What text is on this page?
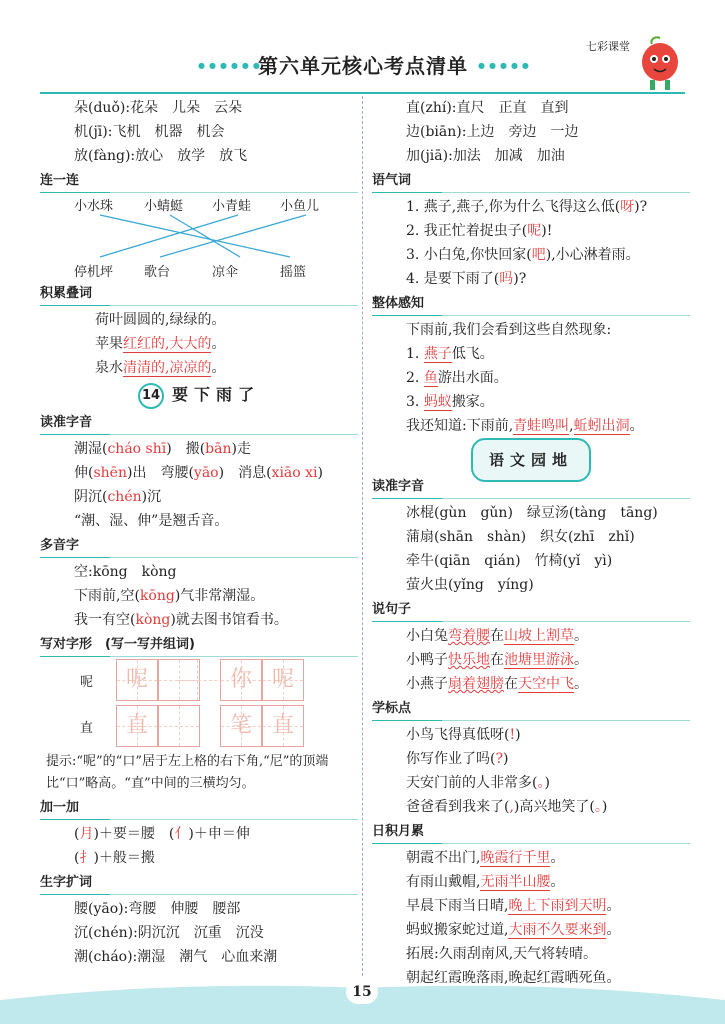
●●●●●●
第六单元核心考点清单 ●●●●●
七彩课堂
朵(duǒ):花朵　儿朵　云朵
机(jī):飞机　机器　机会
放(fàng):放心　放学　放飞
连一连
小水珠 小蜻蜓 小青蛙 小鱼儿
停机坪 歌台	凉伞	摇篮
积累叠词
荷叶圆圆的,绿绿的。
苹果红红的,大大的。
泉水清清的,凉凉的。
14 要下雨了
读准字音
潮湿(cháo shī)　搬(bān)走
伸(shēn)出　弯腰(yāo)　消息(xiāo xi)
阴沉(chén)沉
“潮、湿、伸”是翘舌音。
多音字
空:kōng　kòng
下雨前,空(kōng)气非常潮湿。
我一有空(kòng)就去图书馆看书。
写对字形　 (写一写并组词)
呢	呢	你 呢
直	直	笔 直
提示:“呢”的“口”居于左上格的右下角,“尼”的顶端比“口”略高。“直”中间的三横均匀。
加一加
(月)＋要＝腰　(亻)＋申＝伸
(扌)＋般＝搬
生字扩词
腰(yāo):弯腰　伸腰　腰部
沉(chén):阴沉沉　沉重　沉没
潮(cháo):潮湿　潮气　心血来潮
直(zhí):直尺　正直　直到
边(biān):上边　旁边　一边
加(jiā):加法　加减　加油
语气词
1. 燕子,燕子,你为什么飞得这么低(呀)?
2. 我正忙着捉虫子(呢)!
3. 小白兔,你快回家(吧),小心淋着雨。
4. 是要下雨了(吗)?
整体感知
下雨前,我们会看到这些自然现象:
1. 燕子低飞。
2. 鱼游出水面。
3. 蚂蚁搬家。
我还知道:下雨前,青蛙鸣叫,蚯蚓出洞。
语文园地
读准字音
冰棍(gùn　gǔn)　绿豆汤(tàng　tāng)
蒲扇(shān　shàn)　织女(zhī　zhǐ)
牵牛(qiān　qián)　竹椅(yǐ　yì)
萤火虫(yǐng　yíng)
说句子
小白兔弯着腰在山坡上割草。
小鸭子快乐地在池塘里游泳。
小燕子扇着翅膀在天空中飞。
学标点
小鸟飞得真低呀(!)
你写作业了吗(?)
天安门前的人非常多(。)
爸爸看到我来了(,)高兴地笑了(。)
日积月累
朝霞不出门,晚霞行千里。
有雨山戴帽,无雨半山腰。
早晨下雨当日晴,晚上下雨到天明。
蚂蚁搬家蛇过道,大雨不久要来到。
拓展:久雨刮南风,天气将转晴。
朝起红霞晚落雨,晚起红霞晒死鱼。
15
